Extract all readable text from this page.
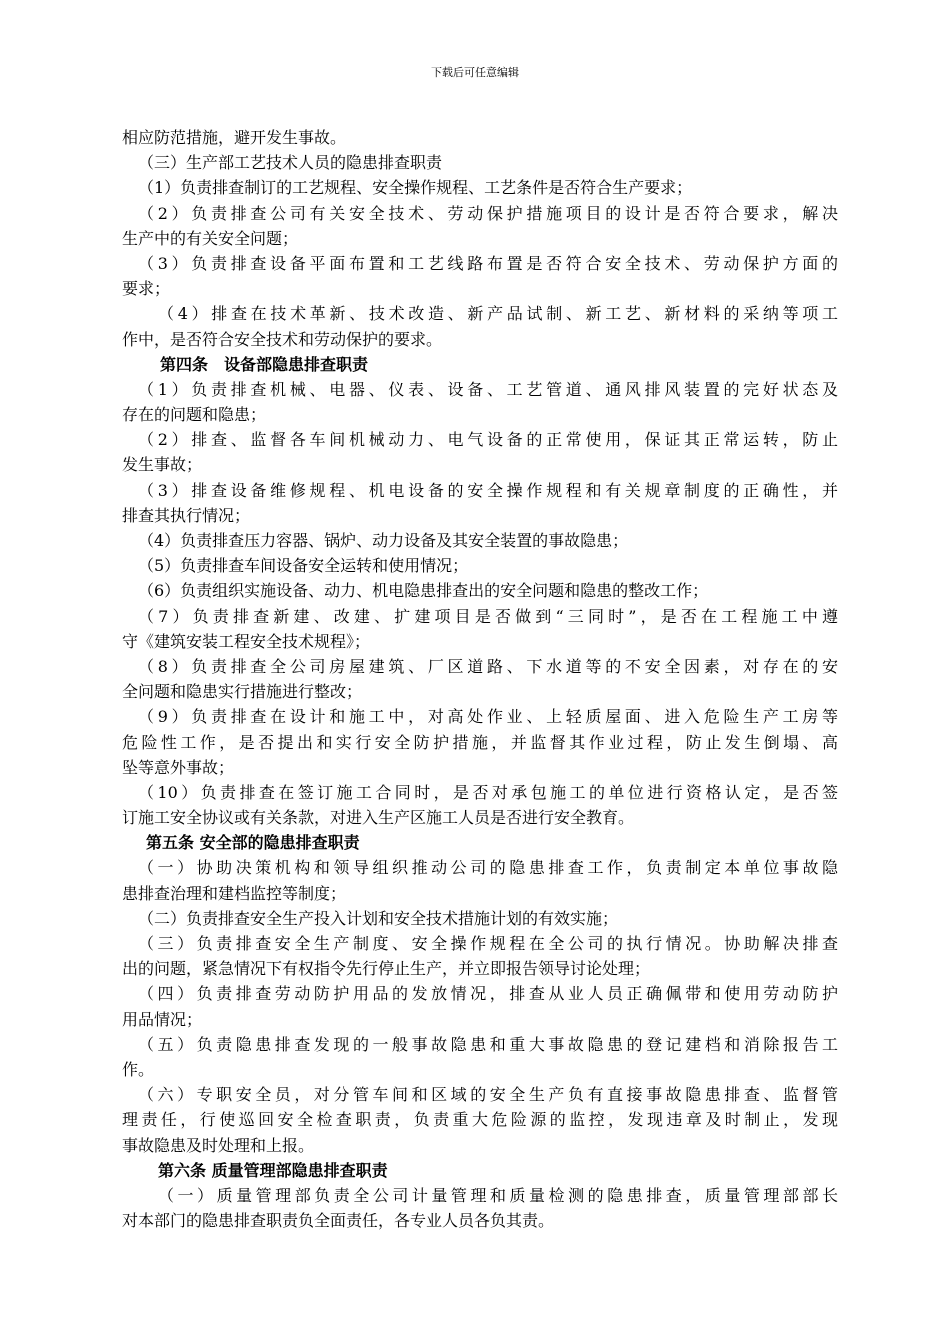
下载后可任意编辑
相应防范措施，避开发生事故。
（三）生产部工艺技术人员的隐患排查职责
（1）负责排查制订的工艺规程、安全操作规程、工艺条件是否符合生产要求；
（2）负责排查公司有关安全技术、劳动保护措施项目的设计是否符合要求，解决
生产中的有关安全问题；
（3）负责排查设备平面布置和工艺线路布置是否符合安全技术、劳动保护方面的
要求；
（4）排查在技术革新、技术改造、新产品试制、新工艺、新材料的采纳等项工
作中，是否符合安全技术和劳动保护的要求。
第四条　设备部隐患排查职责
（1）负责排查机械、电器、仪表、设备、工艺管道、通风排风装置的完好状态及
存在的问题和隐患；
（2）排查、监督各车间机械动力、电气设备的正常使用，保证其正常运转，防止
发生事故；
（3）排查设备维修规程、机电设备的安全操作规程和有关规章制度的正确性，并
排查其执行情况；
（4）负责排查压力容器、锅炉、动力设备及其安全装置的事故隐患；
（5）负责排查车间设备安全运转和使用情况；
（6）负责组织实施设备、动力、机电隐患排查出的安全问题和隐患的整改工作；
（7）负责排查新建、改建、扩建项目是否做到“三同时”，是否在工程施工中遵
守《建筑安装工程安全技术规程》；
（8）负责排查全公司房屋建筑、厂区道路、下水道等的不安全因素，对存在的安
全问题和隐患实行措施进行整改；
（9）负责排查在设计和施工中，对高处作业、上轻质屋面、进入危险生产工房等
危险性工作，是否提出和实行安全防护措施，并监督其作业过程，防止发生倒塌、高
坠等意外事故；
（10）负责排查在签订施工合同时，是否对承包施工的单位进行资格认定，是否签
订施工安全协议或有关条款，对进入生产区施工人员是否进行安全教育。
第五条 安全部的隐患排查职责
（一）协助决策机构和领导组织推动公司的隐患排查工作，负责制定本单位事故隐
患排查治理和建档监控等制度；
（二）负责排查安全生产投入计划和安全技术措施计划的有效实施；
（三）负责排查安全生产制度、安全操作规程在全公司的执行情况。协助解决排查
出的问题，紧急情况下有权指令先行停止生产，并立即报告领导讨论处理；
（四）负责排查劳动防护用品的发放情况，排查从业人员正确佩带和使用劳动防护
用品情况；
（五）负责隐患排查发现的一般事故隐患和重大事故隐患的登记建档和消除报告工
作。
（六）专职安全员，对分管车间和区域的安全生产负有直接事故隐患排查、监督管
理责任，行使巡回安全检查职责，负责重大危险源的监控，发现违章及时制止，发现
事故隐患及时处理和上报。
第六条 质量管理部隐患排查职责
（一）质量管理部负责全公司计量管理和质量检测的隐患排查，质量管理部部长
对本部门的隐患排查职责负全面责任，各专业人员各负其责。
